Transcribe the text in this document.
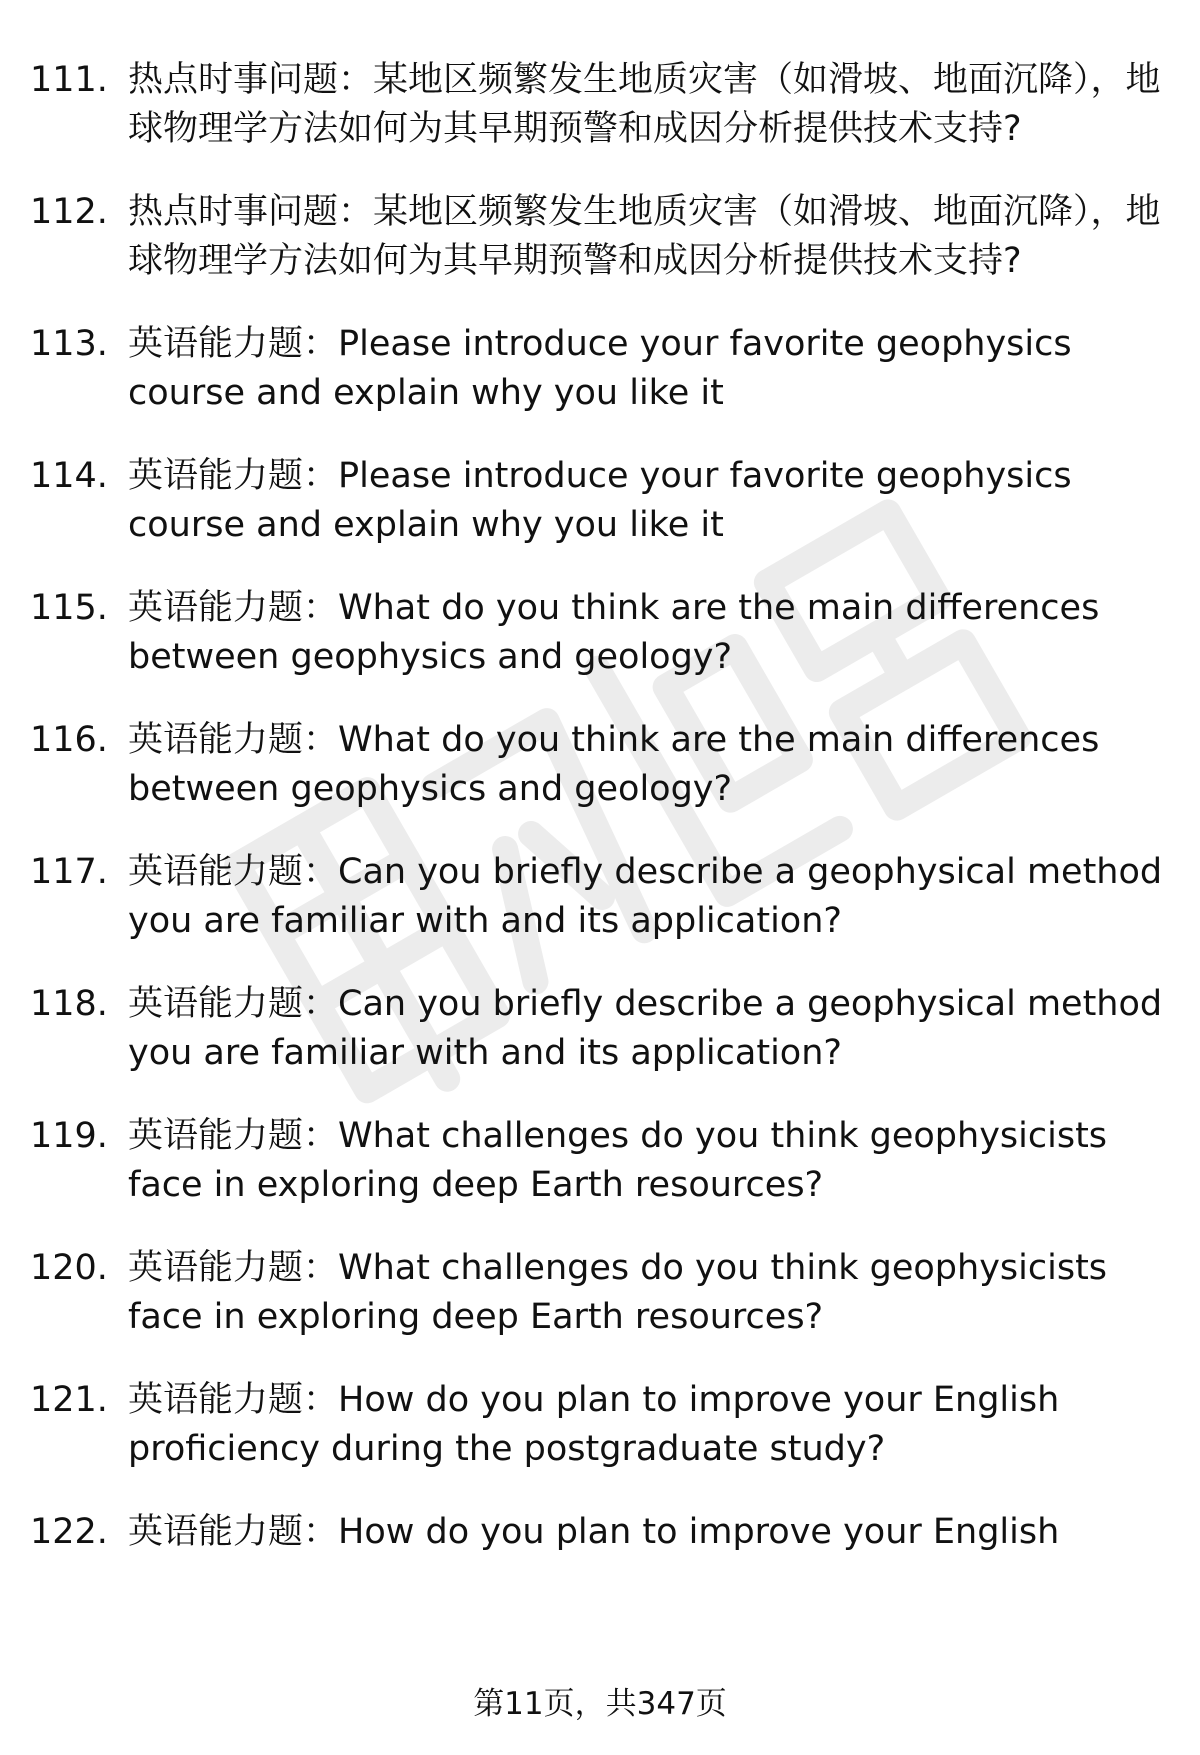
111. 热点时事问题：某地区频繁发生地质灾害（如滑坡、地面沉降），地球物理学方法如何为其早期预警和成因分析提供技术支持?
112. 热点时事问题：某地区频繁发生地质灾害（如滑坡、地面沉降），地球物理学方法如何为其早期预警和成因分析提供技术支持?
113. 英语能力题：Please introduce your favorite geophysics course and explain why you like it
114. 英语能力题：Please introduce your favorite geophysics course and explain why you like it
115. 英语能力题：What do you think are the main differences between geophysics and geology?
116. 英语能力题：What do you think are the main differences between geophysics and geology?
117. 英语能力题：Can you briefly describe a geophysical method you are familiar with and its application?
118. 英语能力题：Can you briefly describe a geophysical method you are familiar with and its application?
119. 英语能力题：What challenges do you think geophysicists face in exploring deep Earth resources?
120. 英语能力题：What challenges do you think geophysicists face in exploring deep Earth resources?
121. 英语能力题：How do you plan to improve your English proficiency during the postgraduate study?
122. 英语能力题：How do you plan to improve your English
第11页，共347页
